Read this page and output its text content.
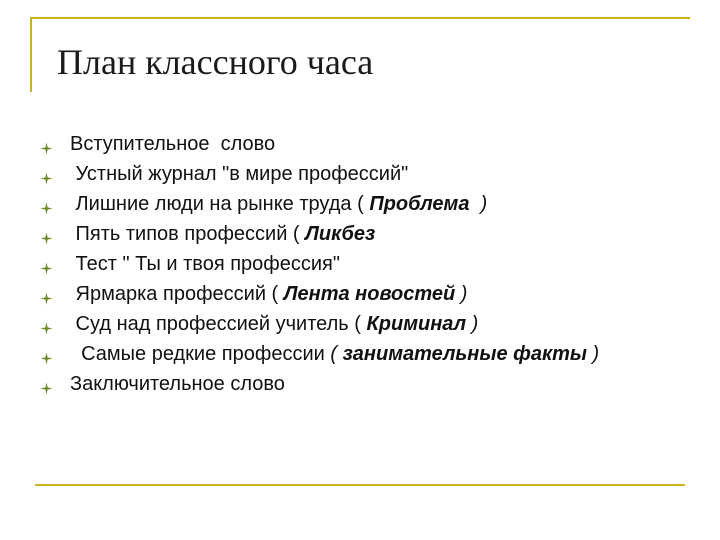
План классного часа
Вступительное  слово
Устный журнал "в мире профессий"
Лишние люди на рынке труда ( Проблема  )
Пять типов профессий ( Ликбез
Тест " Ты и твоя профессия"
Ярмарка профессий ( Лента новостей )
Суд над профессией учитель ( Криминал )
Самые редкие профессии ( занимательные факты )
Заключительное слово
